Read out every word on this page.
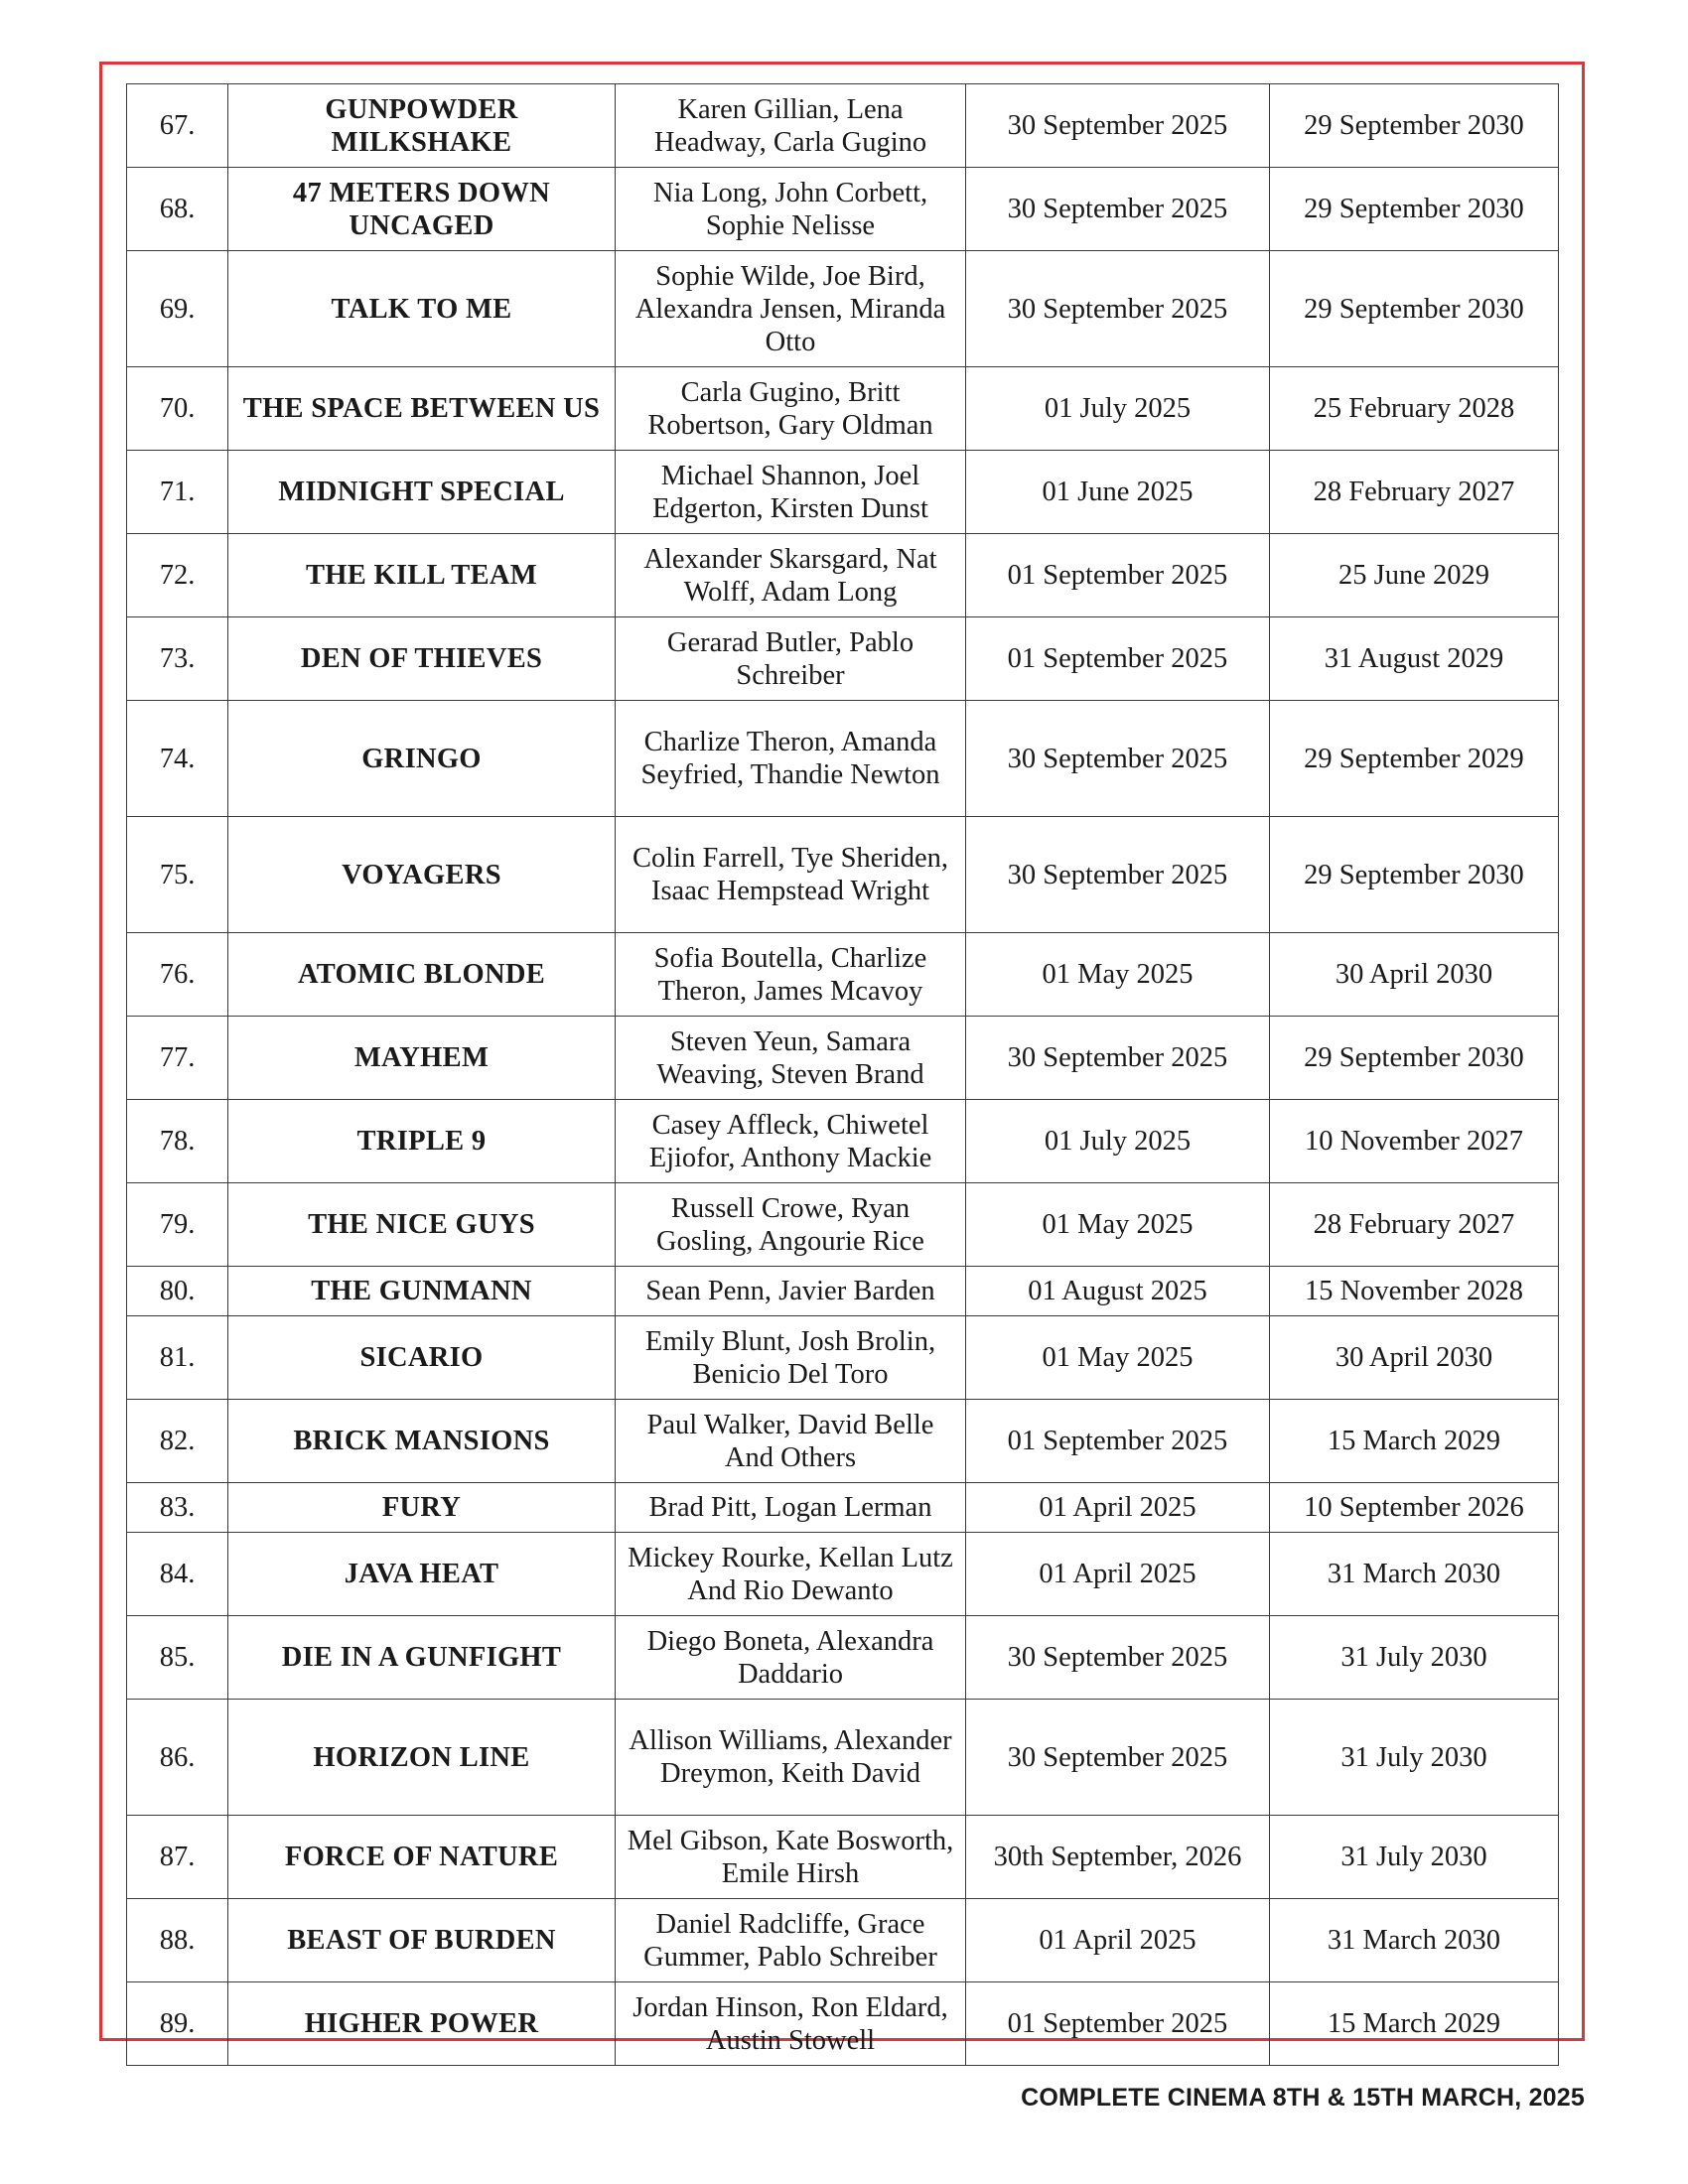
67.	GUNPOWDER MILKSHAKE	Karen Gillian, Lena Headway, Carla Gugino	30 September 2025	29 September 2030
68.	47 METERS DOWN UNCAGED	Nia Long, John Corbett, Sophie Nelisse	30 September 2025	29 September 2030
69.	TALK TO ME	Sophie Wilde, Joe Bird, Alexandra Jensen, Miranda Otto	30 September 2025	29 September 2030
70.	THE SPACE BETWEEN US	Carla Gugino, Britt Robertson, Gary Oldman	01 July 2025	25 February 2028
71.	MIDNIGHT SPECIAL	Michael Shannon, Joel Edgerton, Kirsten Dunst	01 June 2025	28 February 2027
72.	THE KILL TEAM	Alexander Skarsgard, Nat Wolff, Adam Long	01 September 2025	25 June 2029
73.	DEN OF THIEVES	Gerarad Butler, Pablo Schreiber	01 September 2025	31 August 2029
74.	GRINGO	Charlize Theron, Amanda Seyfried, Thandie Newton	30 September 2025	29 September 2029
75.	VOYAGERS	Colin Farrell, Tye Sheriden, Isaac Hempstead Wright	30 September 2025	29 September 2030
76.	ATOMIC BLONDE	Sofia Boutella, Charlize Theron, James Mcavoy	01 May 2025	30 April 2030
77.	MAYHEM	Steven Yeun, Samara Weaving, Steven Brand	30 September 2025	29 September 2030
78.	TRIPLE 9	Casey Affleck, Chiwetel Ejiofor, Anthony Mackie	01 July 2025	10 November 2027
79.	THE NICE GUYS	Russell Crowe, Ryan Gosling, Angourie Rice	01 May 2025	28 February 2027
80.	THE GUNMANN	Sean Penn, Javier Barden	01 August 2025	15 November 2028
81.	SICARIO	Emily Blunt, Josh Brolin, Benicio Del Toro	01 May 2025	30 April 2030
82.	BRICK MANSIONS	Paul Walker, David Belle And Others	01 September 2025	15 March 2029
83.	FURY	Brad Pitt, Logan Lerman	01 April 2025	10 September 2026
84.	JAVA HEAT	Mickey Rourke, Kellan Lutz And Rio Dewanto	01 April 2025	31 March 2030
85.	DIE IN A GUNFIGHT	Diego Boneta, Alexandra Daddario	30 September 2025	31 July 2030
86.	HORIZON LINE	Allison Williams, Alexander Dreymon, Keith David	30 September 2025	31 July 2030
87.	FORCE OF NATURE	Mel Gibson, Kate Bosworth, Emile Hirsh	30th September, 2026	31 July 2030
88.	BEAST OF BURDEN	Daniel Radcliffe, Grace Gummer, Pablo Schreiber	01 April 2025	31 March 2030
89.	HIGHER POWER	Jordan Hinson, Ron Eldard, Austin Stowell	01 September 2025	15 March 2029
COMPLETE CINEMA 8TH & 15TH MARCH, 2025
